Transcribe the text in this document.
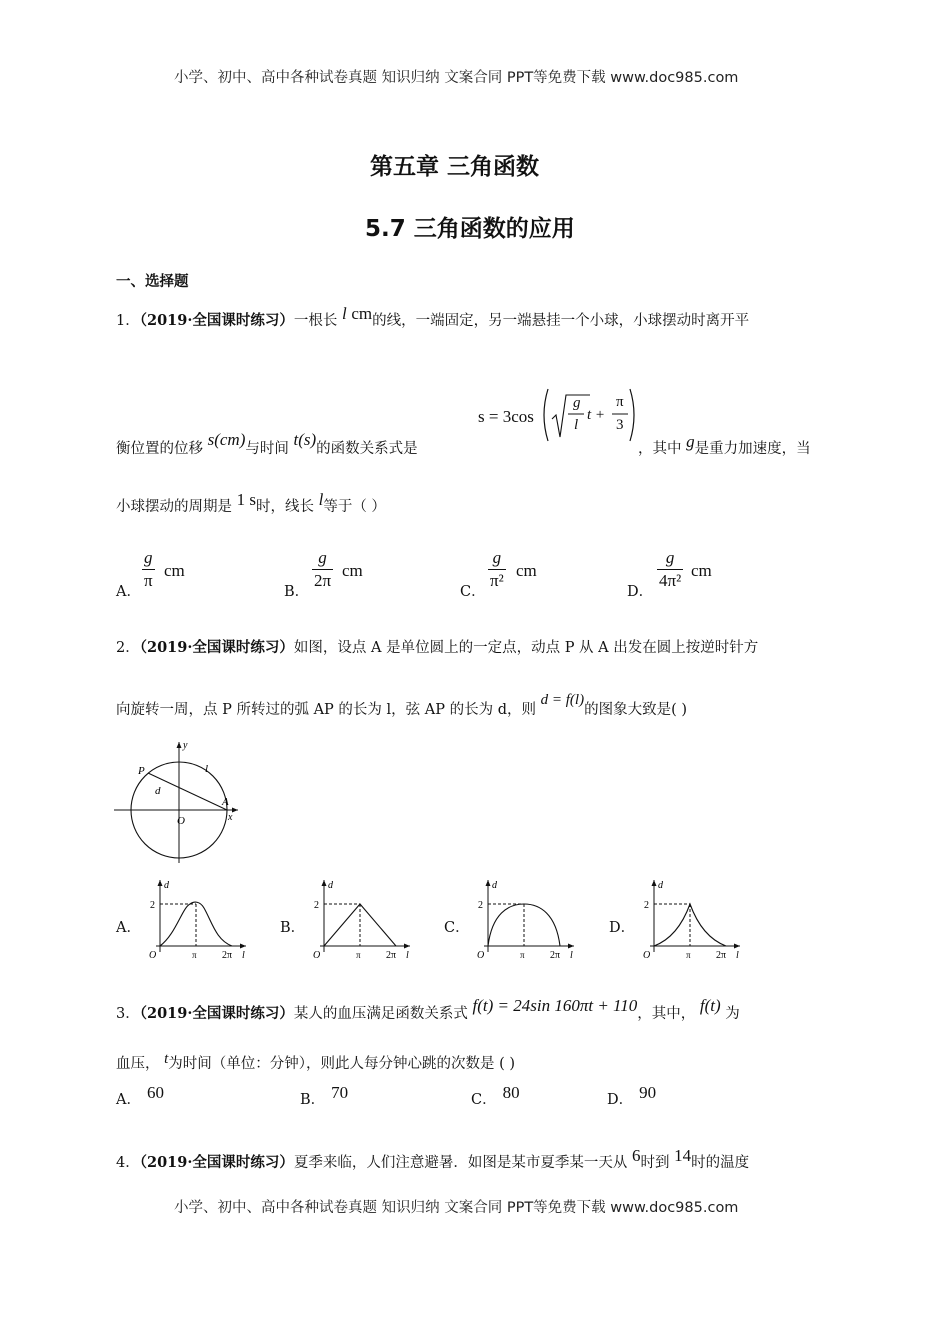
小学、初中、高中各种试卷真题 知识归纳 文案合同 PPT等免费下载 www.doc985.com
小学、初中、高中各种试卷真题 知识归纳 文案合同 PPT等免费下载 www.doc985.com
第五章 三角函数
5.7 三角函数的应用
一、选择题
1．（2019·全国课时练习）一根长 l cm的线，一端固定，另一端悬挂一个小球，小球摆动时离开平
衡位置的位移 s(cm)与时间 t(s)的函数关系式是
s = 3cos
g
l
t +
π
3
，其中 g是重力加速度，当
小球摆动的周期是 1 s时，线长 l等于（ ）
A．
g
π
cm
B．
g
2π
cm
C．
g
π²
cm
D．
g
4π²
cm
2．（2019·全国课时练习）如图，设点 A 是单位圆上的一定点，动点 P 从 A 出发在圆上按逆时针方
向旋转一周，点 P 所转过的弧 AP 的长为 l，弦 AP 的长为 d，则 d = f(l)的图象大致是( )
P	l
d
A
O	x
y
A．	B．	C．	D．
d
2
O	π	2π l
d
2
O	π	2π l
d
2
O	π	2π l
d
2
O	π	2π l
3．（2019·全国课时练习）某人的血压满足函数关系式 f(t) = 24sin 160πt + 110，其中， f(t) 为
血压， t为时间（单位：分钟），则此人每分钟心跳的次数是 ( )
A． 60	B． 70	C． 80	D． 90
4．（2019·全国课时练习）夏季来临，人们注意避暑．如图是某市夏季某一天从 6时到 14时的温度
